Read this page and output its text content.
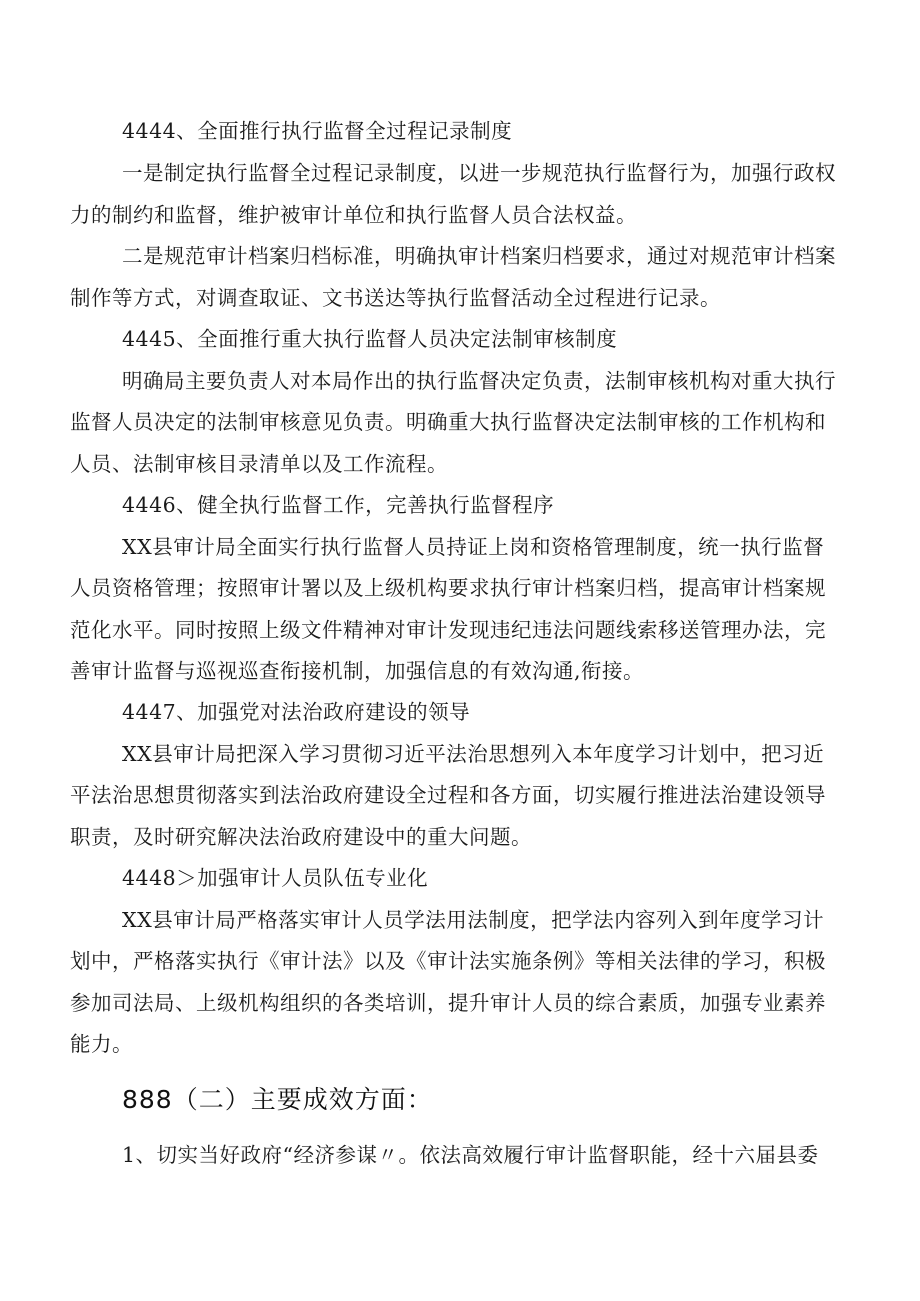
4444、全面推行执行监督全过程记录制度
一是制定执行监督全过程记录制度，以进一步规范执行监督行为，加强行政权
力的制约和监督，维护被审计单位和执行监督人员合法权益。
二是规范审计档案归档标准，明确执审计档案归档要求，通过对规范审计档案
制作等方式，对调查取证、文书送达等执行监督活动全过程进行记录。
4445、全面推行重大执行监督人员决定法制审核制度
明确局主要负责人对本局作出的执行监督决定负责，法制审核机构对重大执行
监督人员决定的法制审核意见负责。明确重大执行监督决定法制审核的工作机构和
人员、法制审核目录清单以及工作流程。
4446、健全执行监督工作，完善执行监督程序
XX县审计局全面实行执行监督人员持证上岗和资格管理制度，统一执行监督
人员资格管理；按照审计署以及上级机构要求执行审计档案归档，提高审计档案规
范化水平。同时按照上级文件精神对审计发现违纪违法问题线索移送管理办法，完
善审计监督与巡视巡查衔接机制，加强信息的有效沟通,衔接。
4447、加强党对法治政府建设的领导
XX县审计局把深入学习贯彻习近平法治思想列入本年度学习计划中，把习近
平法治思想贯彻落实到法治政府建设全过程和各方面，切实履行推进法治建设领导
职责，及时研究解决法治政府建设中的重大问题。
4448＞加强审计人员队伍专业化
XX县审计局严格落实审计人员学法用法制度，把学法内容列入到年度学习计
划中，严格落实执行《审计法》以及《审计法实施条例》等相关法律的学习，积极
参加司法局、上级机构组织的各类培训，提升审计人员的综合素质，加强专业素养
能力。
888（二）主要成效方面：
1、切实当好政府“经济参谋〃。依法高效履行审计监督职能，经十六届县委
